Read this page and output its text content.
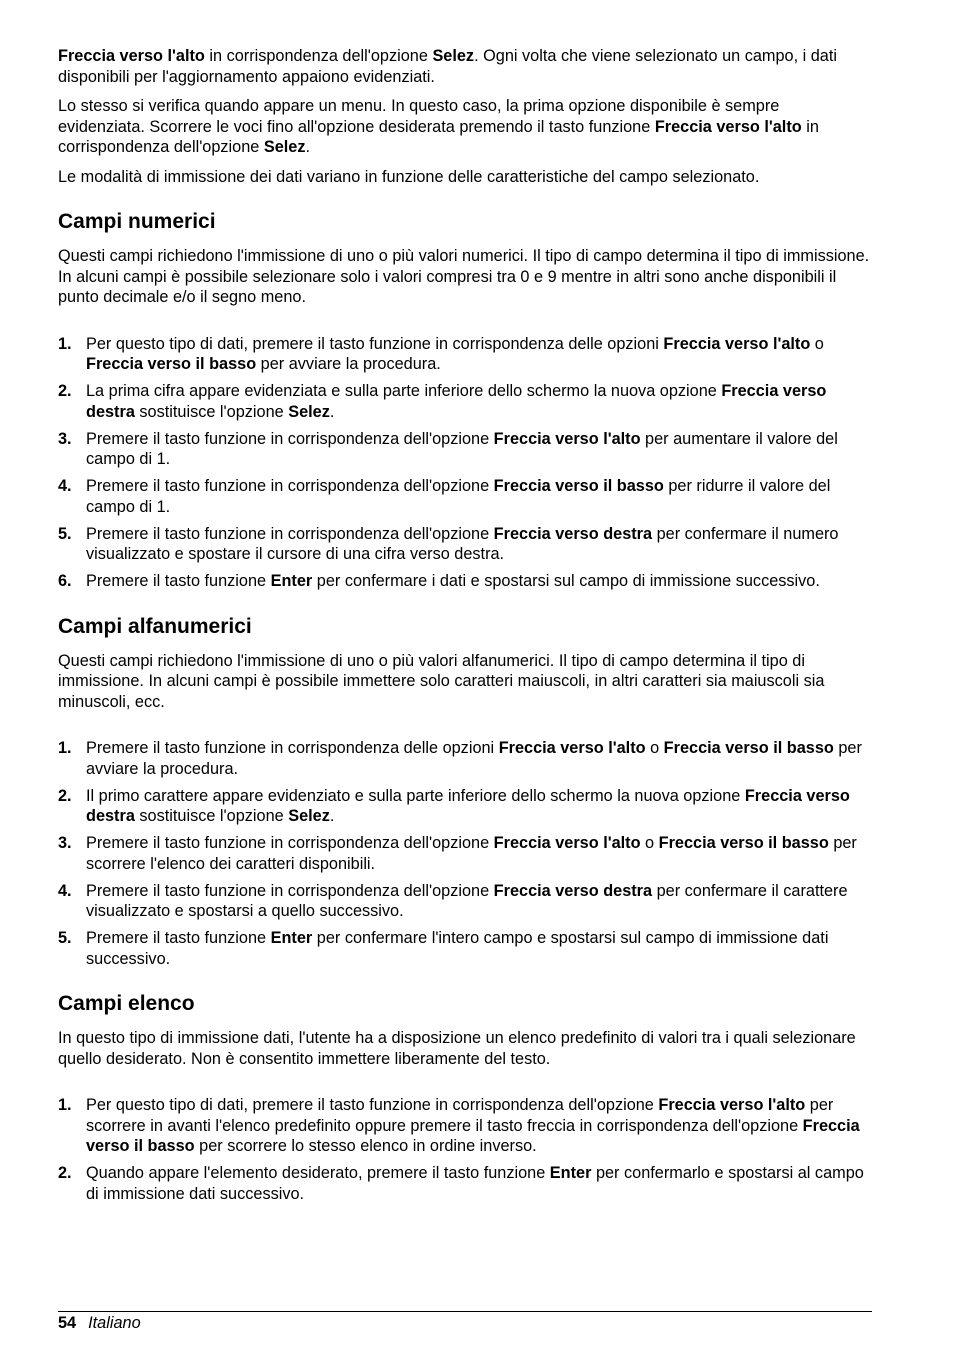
Freccia verso l'alto in corrispondenza dell'opzione Selez. Ogni volta che viene selezionato un campo, i dati disponibili per l'aggiornamento appaiono evidenziati.

Lo stesso si verifica quando appare un menu. In questo caso, la prima opzione disponibile è sempre evidenziata. Scorrere le voci fino all'opzione desiderata premendo il tasto funzione Freccia verso l'alto in corrispondenza dell'opzione Selez.

Le modalità di immissione dei dati variano in funzione delle caratteristiche del campo selezionato.

Campi numerici

Questi campi richiedono l'immissione di uno o più valori numerici. Il tipo di campo determina il tipo di immissione. In alcuni campi è possibile selezionare solo i valori compresi tra 0 e 9 mentre in altri sono anche disponibili il punto decimale e/o il segno meno.

1. Per questo tipo di dati, premere il tasto funzione in corrispondenza delle opzioni Freccia verso l'alto o Freccia verso il basso per avviare la procedura.
2. La prima cifra appare evidenziata e sulla parte inferiore dello schermo la nuova opzione Freccia verso destra sostituisce l'opzione Selez.
3. Premere il tasto funzione in corrispondenza dell'opzione Freccia verso l'alto per aumentare il valore del campo di 1.
4. Premere il tasto funzione in corrispondenza dell'opzione Freccia verso il basso per ridurre il valore del campo di 1.
5. Premere il tasto funzione in corrispondenza dell'opzione Freccia verso destra per confermare il numero visualizzato e spostare il cursore di una cifra verso destra.
6. Premere il tasto funzione Enter per confermare i dati e spostarsi sul campo di immissione successivo.
Campi alfanumerici

Questi campi richiedono l'immissione di uno o più valori alfanumerici. Il tipo di campo determina il tipo di immissione. In alcuni campi è possibile immettere solo caratteri maiuscoli, in altri caratteri sia maiuscoli sia minuscoli, ecc.

1. Premere il tasto funzione in corrispondenza delle opzioni Freccia verso l'alto o Freccia verso il basso per avviare la procedura.
2. Il primo carattere appare evidenziato e sulla parte inferiore dello schermo la nuova opzione Freccia verso destra sostituisce l'opzione Selez.
3. Premere il tasto funzione in corrispondenza dell'opzione Freccia verso l'alto o Freccia verso il basso per scorrere l'elenco dei caratteri disponibili.
4. Premere il tasto funzione in corrispondenza dell'opzione Freccia verso destra per confermare il carattere visualizzato e spostarsi a quello successivo.
5. Premere il tasto funzione Enter per confermare l'intero campo e spostarsi sul campo di immissione dati successivo.
Campi elenco

In questo tipo di immissione dati, l'utente ha a disposizione un elenco predefinito di valori tra i quali selezionare quello desiderato. Non è consentito immettere liberamente del testo.

1. Per questo tipo di dati, premere il tasto funzione in corrispondenza dell'opzione Freccia verso l'alto per scorrere in avanti l'elenco predefinito oppure premere il tasto freccia in corrispondenza dell'opzione Freccia verso il basso per scorrere lo stesso elenco in ordine inverso.
2. Quando appare l'elemento desiderato, premere il tasto funzione Enter per confermarlo e spostarsi al campo di immissione dati successivo.
54 Italiano
